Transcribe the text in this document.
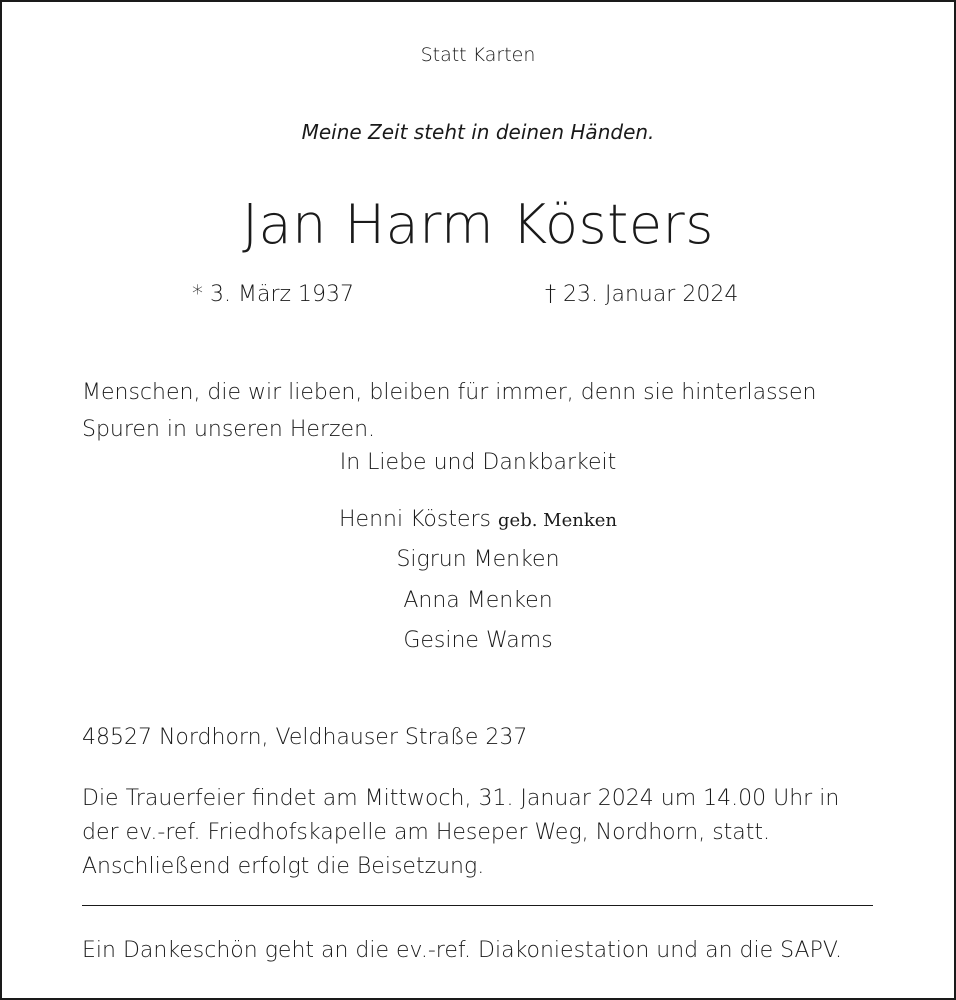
Statt Karten
Meine Zeit steht in deinen Händen.
Jan Harm Kösters
* 3. März 1937	† 23. Januar 2024
Menschen, die wir lieben, bleiben für immer, denn sie hinterlassen Spuren in unseren Herzen.
In Liebe und Dankbarkeit
Henni Kösters geb. Menken
Sigrun Menken
Anna Menken
Gesine Wams
48527 Nordhorn, Veldhauser Straße 237
Die Trauerfeier findet am Mittwoch, 31. Januar 2024 um 14.00 Uhr in der ev.-ref. Friedhofskapelle am Heseper Weg, Nordhorn, statt. Anschließend erfolgt die Beisetzung.
Ein Dankeschön geht an die ev.-ref. Diakoniestation und an die SAPV.
